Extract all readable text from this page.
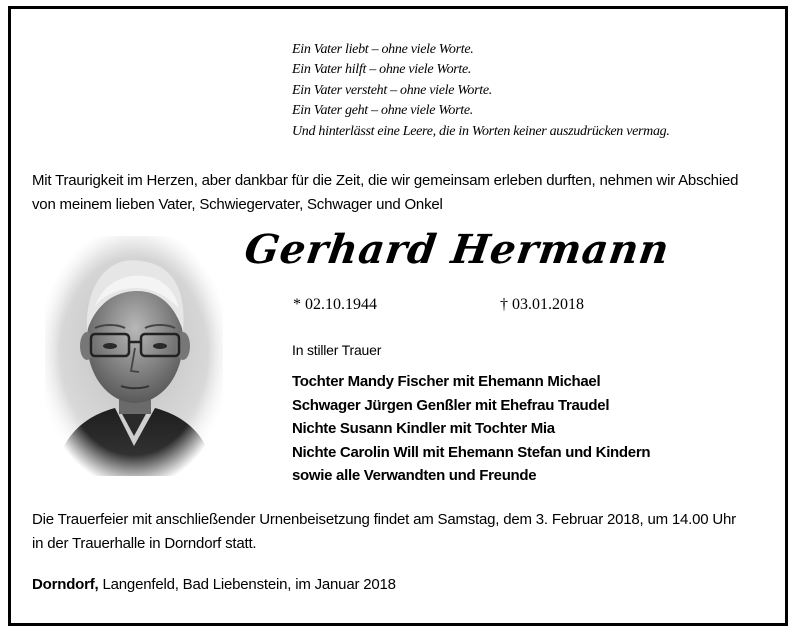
Ein Vater liebt – ohne viele Worte.
Ein Vater hilft – ohne viele Worte.
Ein Vater versteht – ohne viele Worte.
Ein Vater geht – ohne viele Worte.
Und hinterlässt eine Leere, die in Worten keiner auszudrücken vermag.

Mit Traurigkeit im Herzen, aber dankbar für die Zeit, die wir gemeinsam erleben durften, nehmen wir Abschied
von meinem lieben Vater, Schwiegervater, Schwager und Onkel

Gerhard Hermann
* 02.10.1944	† 03.01.2018
In stiller Trauer
Tochter Mandy Fischer mit Ehemann Michael
Schwager Jürgen Genßler mit Ehefrau Traudel
Nichte Susann Kindler mit Tochter Mia
Nichte Carolin Will mit Ehemann Stefan und Kindern
sowie alle Verwandten und Freunde
Die Trauerfeier mit anschließender Urnenbeisetzung findet am Samstag, dem 3. Februar 2018, um 14.00 Uhr
in der Trauerhalle in Dorndorf statt.
Dorndorf, Langenfeld, Bad Liebenstein, im Januar 2018
